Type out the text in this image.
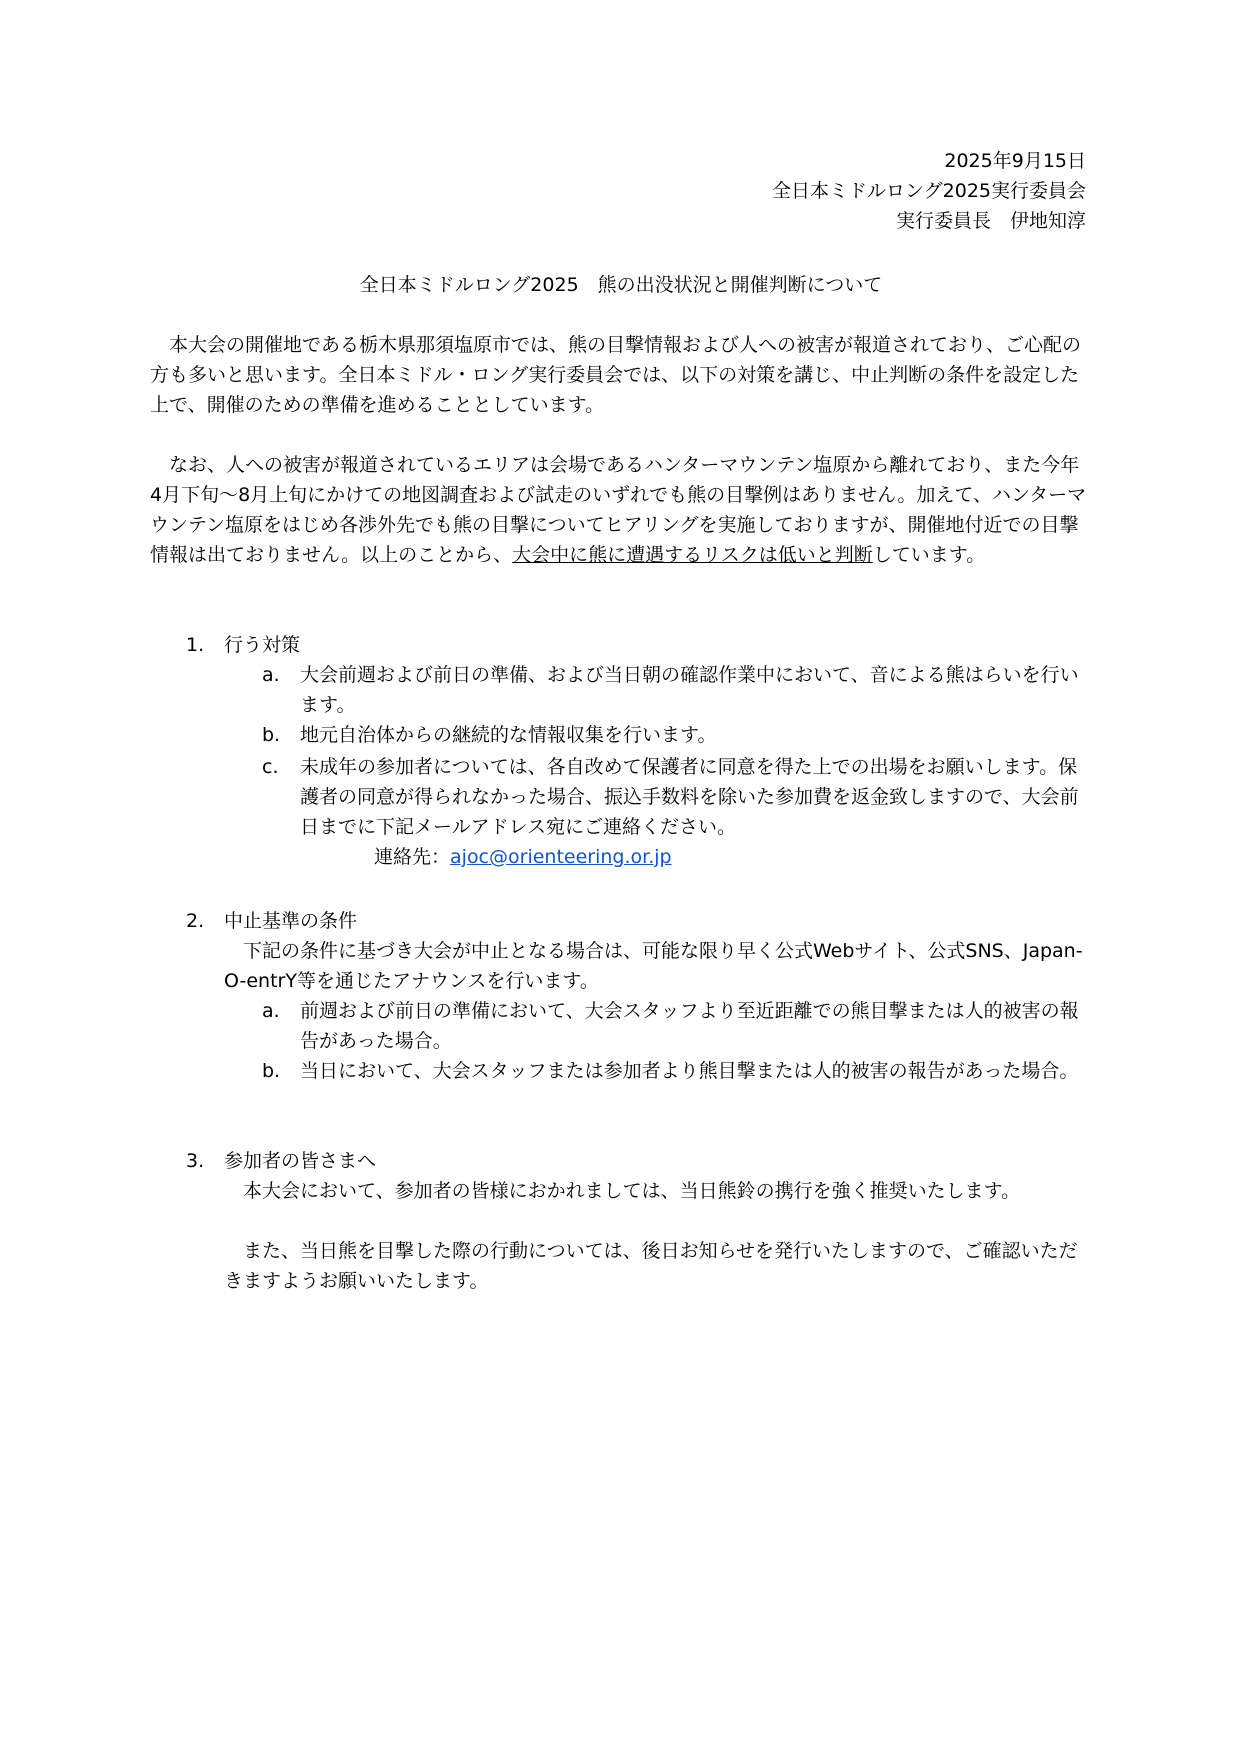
2025年9月15日
全日本ミドルロング2025実行委員会
実行委員長　伊地知淳
全日本ミドルロング2025　熊の出没状況と開催判断について
本大会の開催地である栃木県那須塩原市では、熊の目撃情報および人への被害が報道されており、ご心配の方も多いと思います。全日本ミドル・ロング実行委員会では、以下の対策を講じ、中止判断の条件を設定した上で、開催のための準備を進めることとしています。
なお、人への被害が報道されているエリアは会場であるハンターマウンテン塩原から離れており、また今年4月下旬〜8月上旬にかけての地図調査および試走のいずれでも熊の目撃例はありません。加えて、ハンターマウンテン塩原をはじめ各渉外先でも熊の目撃についてヒアリングを実施しておりますが、開催地付近での目撃情報は出ておりません。以上のことから、大会中に熊に遭遇するリスクは低いと判断しています。
1. 行う対策
a. 大会前週および前日の準備、および当日朝の確認作業中において、音による熊はらいを行います。
b. 地元自治体からの継続的な情報収集を行います。
c. 未成年の参加者については、各自改めて保護者に同意を得た上での出場をお願いします。保護者の同意が得られなかった場合、振込手数料を除いた参加費を返金致しますので、大会前日までに下記メールアドレス宛にご連絡ください。
連絡先：ajoc@orienteering.or.jp
2. 中止基準の条件
下記の条件に基づき大会が中止となる場合は、可能な限り早く公式Webサイト、公式SNS、Japan-O-entrY等を通じたアナウンスを行います。
a. 前週および前日の準備において、大会スタッフより至近距離での熊目撃または人的被害の報告があった場合。
b. 当日において、大会スタッフまたは参加者より熊目撃または人的被害の報告があった場合。
3. 参加者の皆さまへ
本大会において、参加者の皆様におかれましては、当日熊鈴の携行を強く推奨いたします。
また、当日熊を目撃した際の行動については、後日お知らせを発行いたしますので、ご確認いただきますようお願いいたします。
